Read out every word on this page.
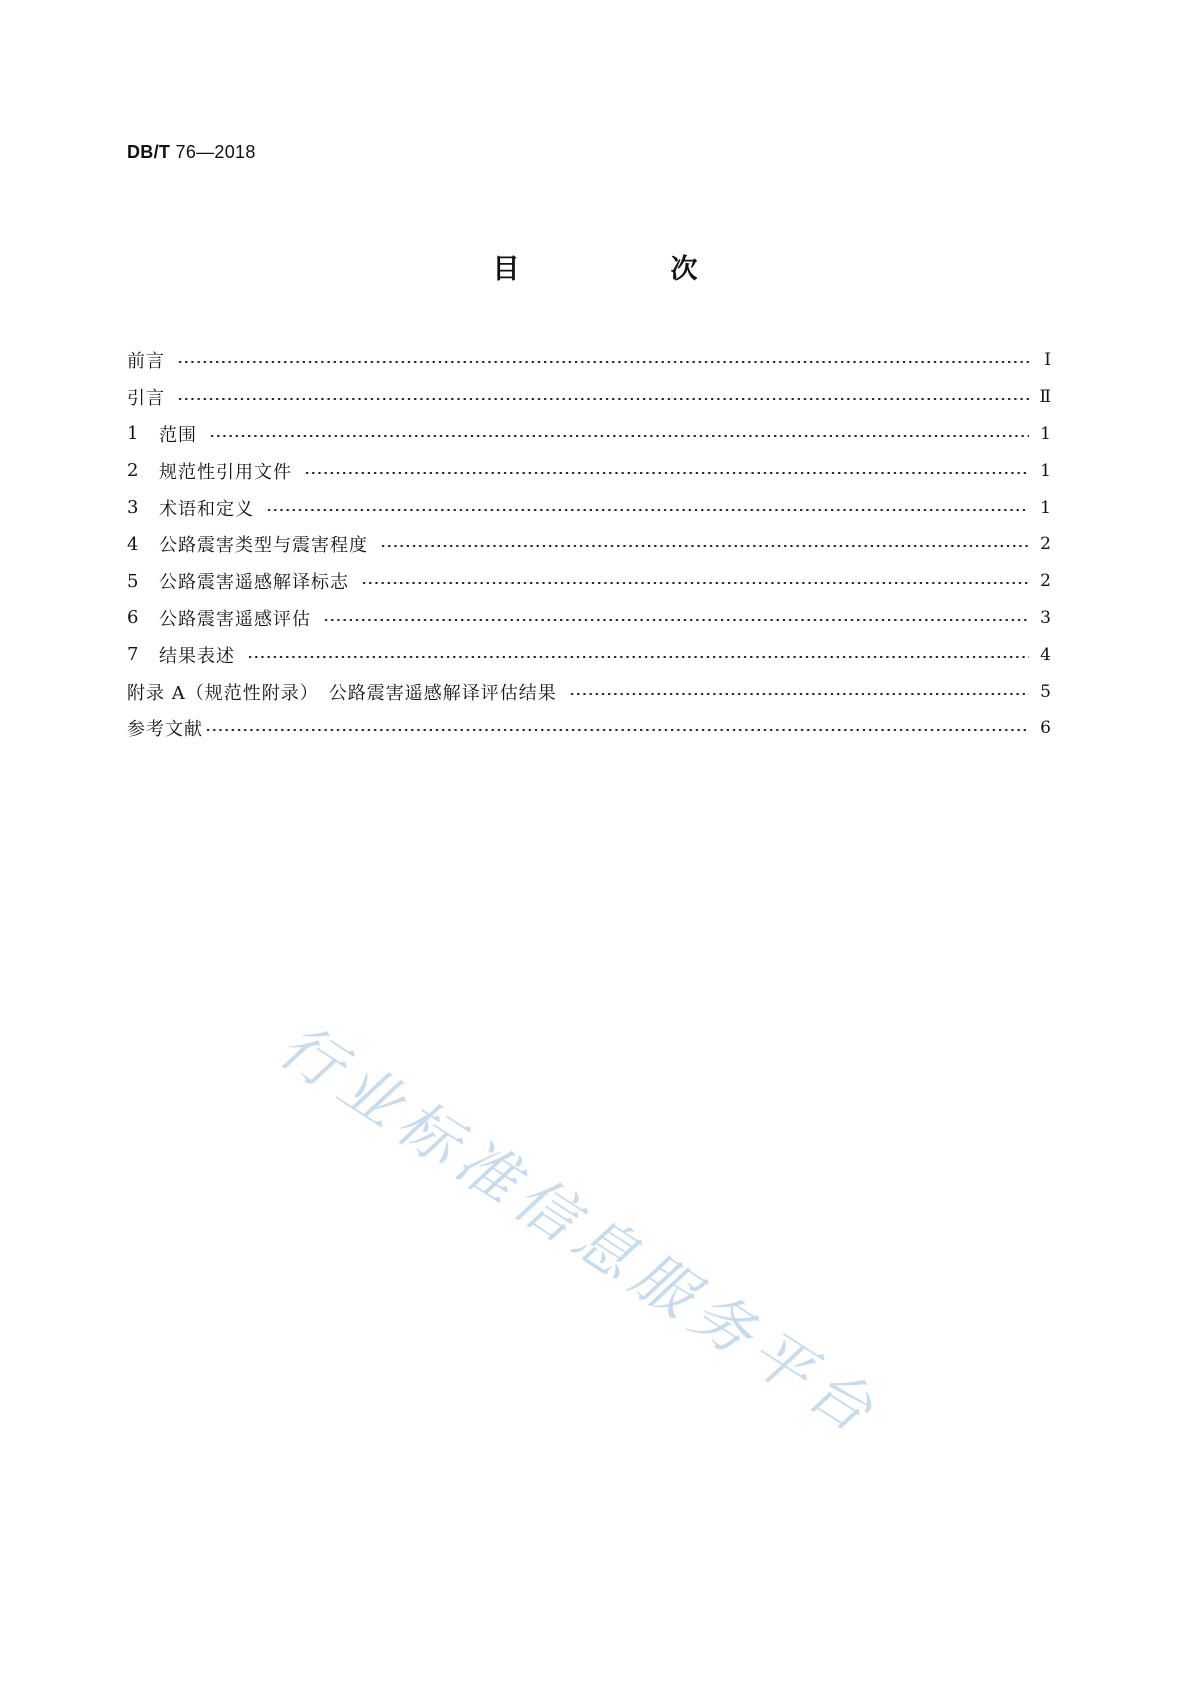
DB/T 76—2018
目　次
前言	Ⅰ
引言	Ⅱ
1	范围	1
2	规范性引用文件	1
3	术语和定义	1
4	公路震害类型与震害程度	2
5	公路震害遥感解译标志	2
6	公路震害遥感评估	3
7	结果表述	4
附录 A（规范性附录）　公路震害遥感解译评估结果	5
参考文献	6
行业标准信息服务平台
